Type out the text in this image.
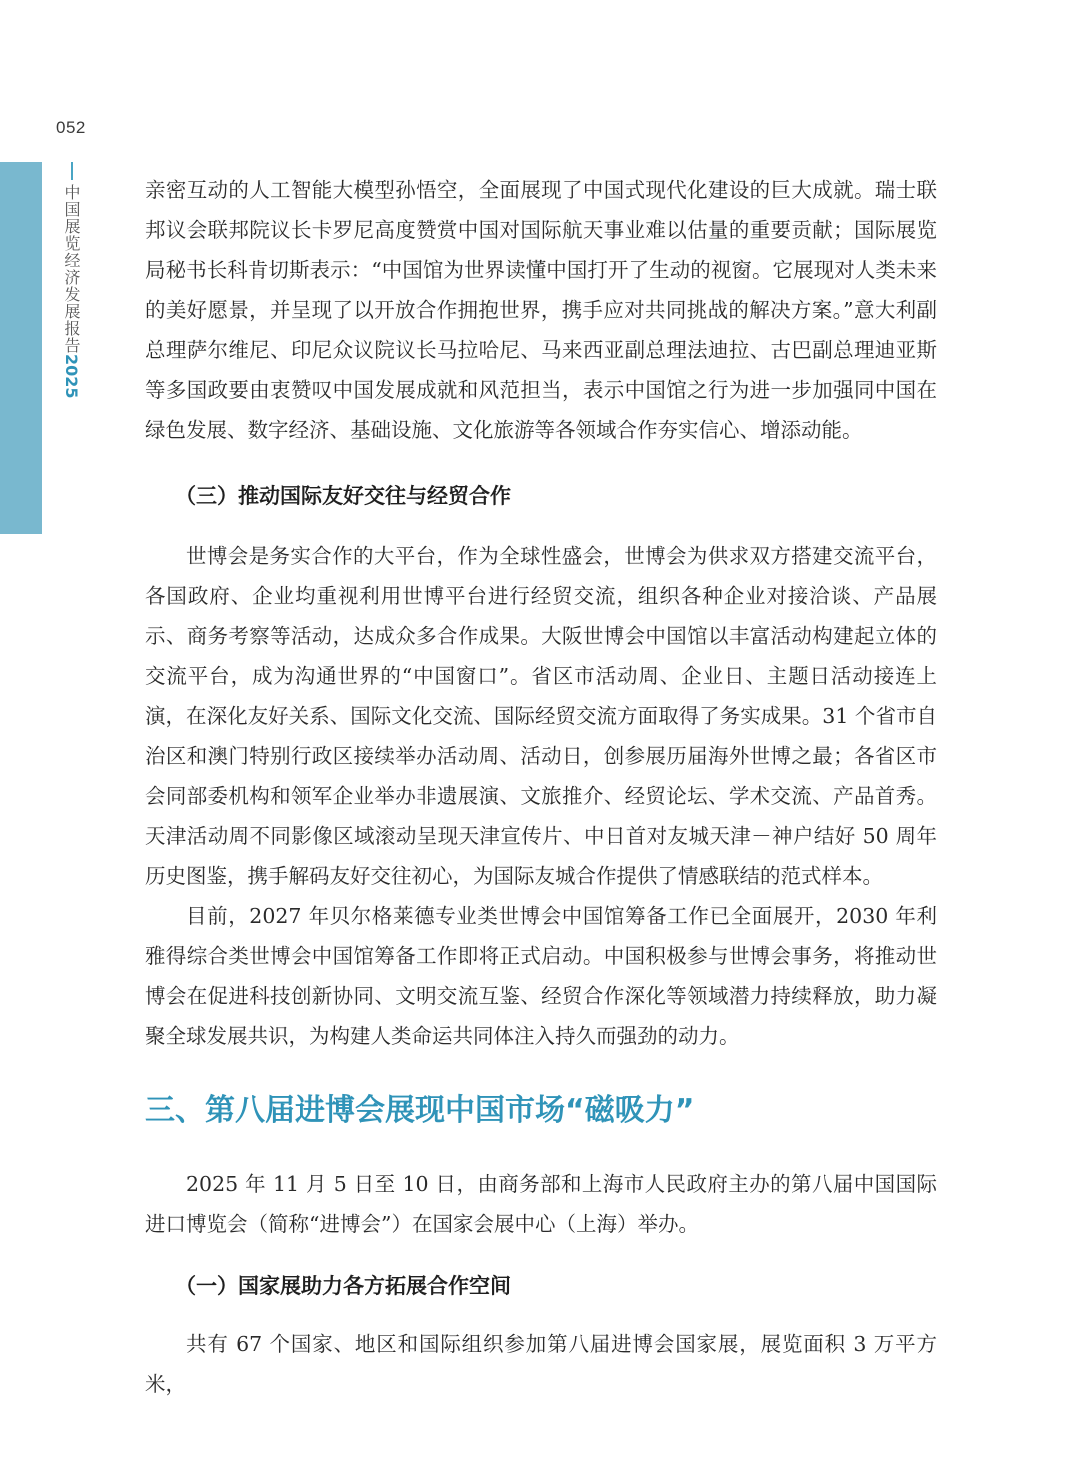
052
中国展览经济发展报告2025

亲密互动的人工智能大模型孙悟空，全面展现了中国式现代化建设的巨大成就。瑞士联邦议会联邦院议长卡罗尼高度赞赏中国对国际航天事业难以估量的重要贡献；国际展览局秘书长科肯切斯表示：“中国馆为世界读懂中国打开了生动的视窗。它展现对人类未来的美好愿景，并呈现了以开放合作拥抱世界，携手应对共同挑战的解决方案。”意大利副总理萨尔维尼、印尼众议院议长马拉哈尼、马来西亚副总理法迪拉、古巴副总理迪亚斯等多国政要由衷赞叹中国发展成就和风范担当，表示中国馆之行为进一步加强同中国在绿色发展、数字经济、基础设施、文化旅游等各领域合作夯实信心、增添动能。

（三）推动国际友好交往与经贸合作

世博会是务实合作的大平台，作为全球性盛会，世博会为供求双方搭建交流平台，各国政府、企业均重视利用世博平台进行经贸交流，组织各种企业对接洽谈、产品展示、商务考察等活动，达成众多合作成果。大阪世博会中国馆以丰富活动构建起立体的交流平台，成为沟通世界的“中国窗口”。省区市活动周、企业日、主题日活动接连上演，在深化友好关系、国际文化交流、国际经贸交流方面取得了务实成果。31 个省市自治区和澳门特别行政区接续举办活动周、活动日，创参展历届海外世博之最；各省区市会同部委机构和领军企业举办非遗展演、文旅推介、经贸论坛、学术交流、产品首秀。天津活动周不同影像区域滚动呈现天津宣传片、中日首对友城天津－神户结好 50 周年历史图鉴，携手解码友好交往初心，为国际友城合作提供了情感联结的范式样本。

目前，2027 年贝尔格莱德专业类世博会中国馆筹备工作已全面展开，2030 年利雅得综合类世博会中国馆筹备工作即将正式启动。中国积极参与世博会事务，将推动世博会在促进科技创新协同、文明交流互鉴、经贸合作深化等领域潜力持续释放，助力凝聚全球发展共识，为构建人类命运共同体注入持久而强劲的动力。

三、第八届进博会展现中国市场“磁吸力”

2025 年 11 月 5 日至 10 日，由商务部和上海市人民政府主办的第八届中国国际进口博览会（简称“进博会”）在国家会展中心（上海）举办。

（一）国家展助力各方拓展合作空间

共有 67 个国家、地区和国际组织参加第八届进博会国家展，展览面积 3 万平方米，
